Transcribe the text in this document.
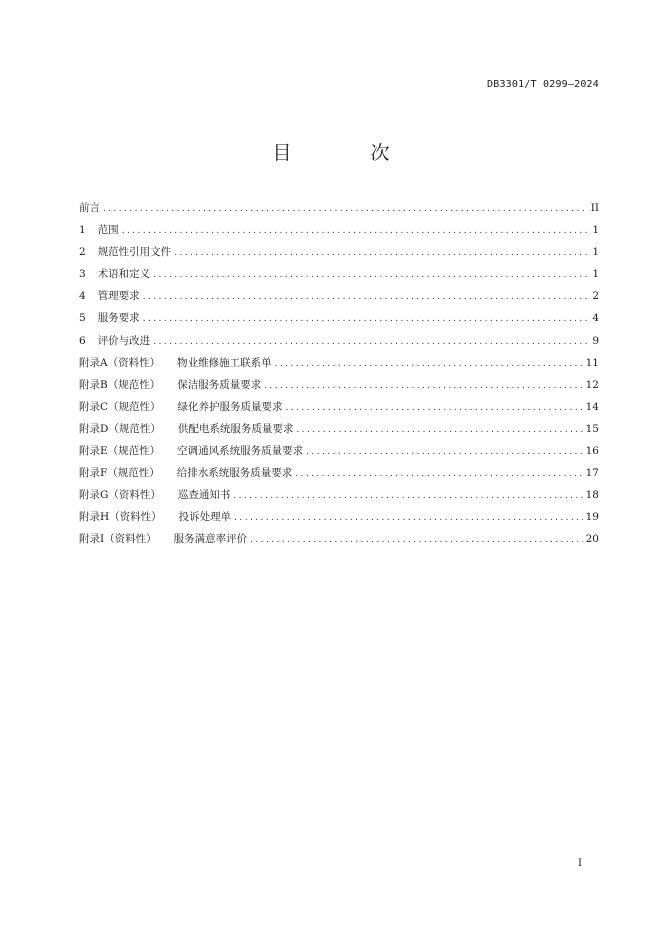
DB3301/T 0299—2024
目　次
前言 .....	II
1 范围 .....	1
2 规范性引用文件 .....	1
3 术语和定义 .....	1
4 管理要求 .....	2
5 服务要求 .....	4
6 评价与改进 .....	9
附录A（资料性） 物业维修施工联系单 .....	11
附录B（规范性） 保洁服务质量要求 .....	12
附录C（规范性） 绿化养护服务质量要求 .....	14
附录D（规范性） 供配电系统服务质量要求 .....	15
附录E（规范性） 空调通风系统服务质量要求 .....	16
附录F（规范性） 给排水系统服务质量要求 .....	17
附录G（资料性） 巡查通知书 .....	18
附录H（资料性） 投诉处理单 .....	19
附录I（资料性） 服务满意率评价 .....	20
I
